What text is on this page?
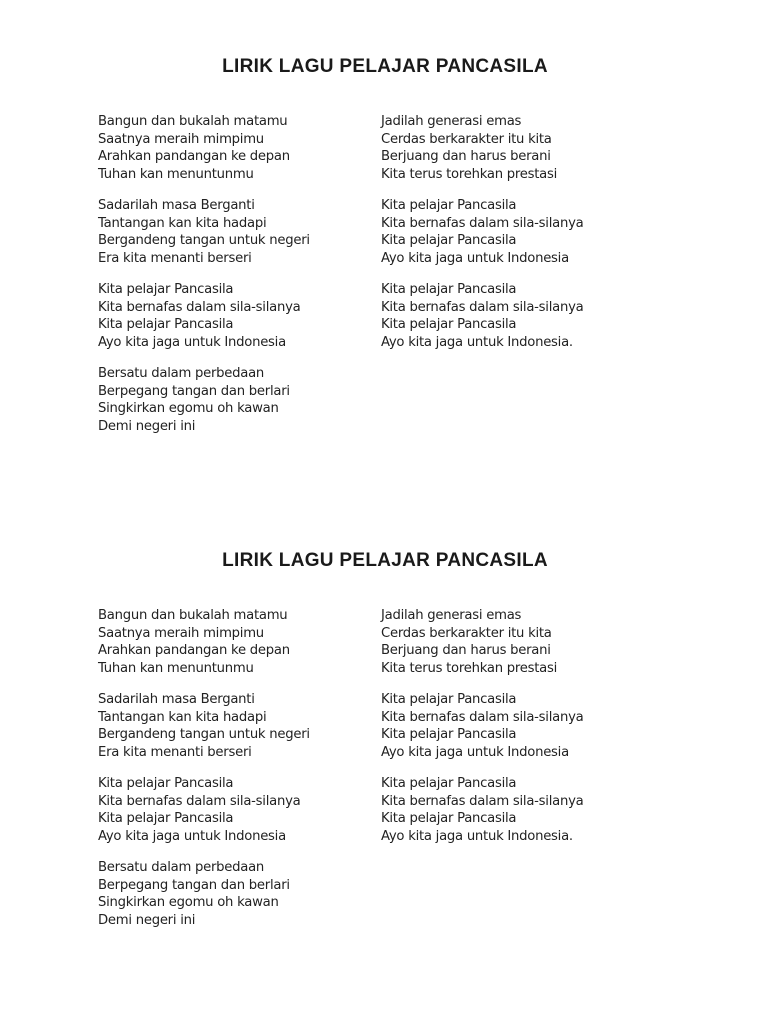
LIRIK LAGU PELAJAR PANCASILA
Bangun dan bukalah matamu
Saatnya meraih mimpimu
Arahkan pandangan ke depan
Tuhan kan menuntunmu
Sadarilah masa Berganti
Tantangan kan kita hadapi
Bergandeng tangan untuk negeri
Era kita menanti berseri
Kita pelajar Pancasila
Kita bernafas dalam sila-silanya
Kita pelajar Pancasila
Ayo kita jaga untuk Indonesia
Bersatu dalam perbedaan
Berpegang tangan dan berlari
Singkirkan egomu oh kawan
Demi negeri ini
Jadilah generasi emas
Cerdas berkarakter itu kita
Berjuang dan harus berani
Kita terus torehkan prestasi
Kita pelajar Pancasila
Kita bernafas dalam sila-silanya
Kita pelajar Pancasila
Ayo kita jaga untuk Indonesia
Kita pelajar Pancasila
Kita bernafas dalam sila-silanya
Kita pelajar Pancasila
Ayo kita jaga untuk Indonesia.
LIRIK LAGU PELAJAR PANCASILA
Bangun dan bukalah matamu
Saatnya meraih mimpimu
Arahkan pandangan ke depan
Tuhan kan menuntunmu
Sadarilah masa Berganti
Tantangan kan kita hadapi
Bergandeng tangan untuk negeri
Era kita menanti berseri
Kita pelajar Pancasila
Kita bernafas dalam sila-silanya
Kita pelajar Pancasila
Ayo kita jaga untuk Indonesia
Bersatu dalam perbedaan
Berpegang tangan dan berlari
Singkirkan egomu oh kawan
Demi negeri ini
Jadilah generasi emas
Cerdas berkarakter itu kita
Berjuang dan harus berani
Kita terus torehkan prestasi
Kita pelajar Pancasila
Kita bernafas dalam sila-silanya
Kita pelajar Pancasila
Ayo kita jaga untuk Indonesia
Kita pelajar Pancasila
Kita bernafas dalam sila-silanya
Kita pelajar Pancasila
Ayo kita jaga untuk Indonesia.
